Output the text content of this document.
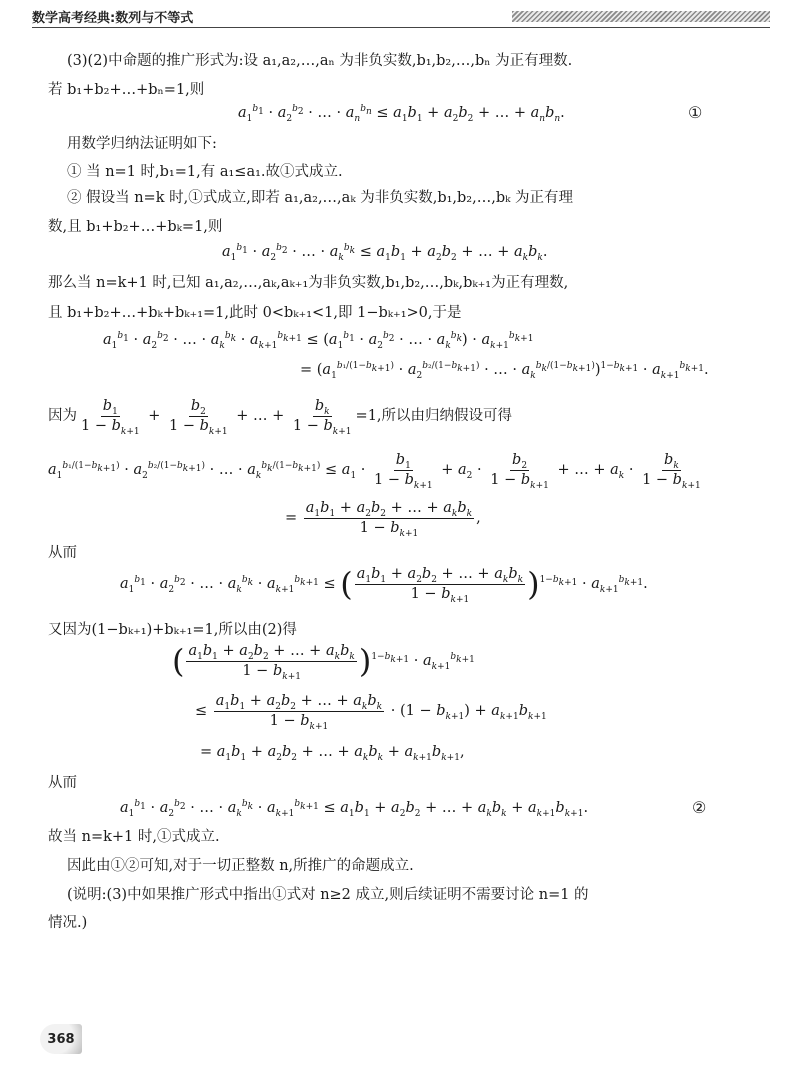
数学高考经典:数列与不等式
(3)(2)中命题的推广形式为:设 a₁,a₂,…,aₙ 为非负实数,b₁,b₂,…,bₙ 为正有理数.
若 b₁+b₂+…+bₙ=1,则
$a_1^{b_1} \cdot a_2^{b_2}$ · … · $a_n^{b_n} \le a_1b_1 + a_2b_2$ + … + $a_nb_n$.	①
用数学归纳法证明如下:
① 当 n=1 时,b₁=1,有 a₁≤a₁.故①式成立.
② 假设当 n=k 时,①式成立,即若 a₁,a₂,…,aₖ 为非负实数,b₁,b₂,…,bₖ 为正有理
数,且 b₁+b₂+…+bₖ=1,则
$a_1^{b_1} \cdot a_2^{b_2}$ · … · $a_k^{b_k} \le a_1b_1 + a_2b_2$ + … + $a_kb_k$.
那么当 n=k+1 时,已知 a₁,a₂,…,aₖ,aₖ₊₁为非负实数,b₁,b₂,…,bₖ,bₖ₊₁为正有理数,
且 b₁+b₂+…+bₖ+bₖ₊₁=1,此时 0<bₖ₊₁<1,即 1−bₖ₊₁>0,于是
$a_1^{b_1} \cdot a_2^{b_2}$ · … · $a_k^{b_k} \cdot a_{k+1}^{b_{k+1}} \le (a_1^{b_1} \cdot a_2^{b_2}$ · … · $a_k^{b_k}) \cdot a_{k+1}^{b_{k+1}}$
= ($a_1^{b_1/(1-b_{k+1})} \cdot a_2^{b_2/(1-b_{k+1})}$ · … · $a_k^{b_k/(1-b_{k+1})})^{1-b_{k+1}} \cdot a_{k+1}^{b_{k+1}}$.
因为 $\frac{b_1}{1 - b_{k+1}} + \frac{b_2}{1 - b_{k+1}}$ + … + $\frac{b_k}{1 - b_{k+1}} =1$,所以由归纳假设可得
$a_1^{b_1/(1-b_{k+1})} \cdot a_2^{b_2/(1-b_{k+1})}$ · … · $a_k^{b_k/(1-b_{k+1})} \le a_1 \cdot \frac{b_1}{1 - b_{k+1}} + a_2 \cdot \frac{b_2}{1 - b_{k+1}}$ + … + $a_k \cdot \frac{b_k}{1 - b_{k+1}}$
= $\frac{a_1b_1 + a_2b_2 + \dots + a_kb_k}{1 - b_{k+1}}$ ,
从而
$a_1^{b_1} \cdot a_2^{b_2}$ · … · $a_k^{b_k} \cdot a_{k+1}^{b_{k+1}}$ ≤ ( $\frac{a_1b_1 + a_2b_2 + \dots + a_kb_k}{1 - b_{k+1}} )^{1-b_{k+1}} \cdot a_{k+1}^{b_{k+1}}$.
又因为(1−bₖ₊₁)+bₖ₊₁=1,所以由(2)得
( $\frac{a_1b_1 + a_2b_2 + \dots + a_kb_k}{1 - b_{k+1}} )^{1-b_{k+1}} \cdot a_{k+1}^{b_{k+1}}$
≤ $\frac{a_1b_1 + a_2b_2 + \dots + a_kb_k}{1 - b_{k+1}} \cdot (1 - b_{k+1}) + a_{k+1}b_{k+1}$
= $a_1b_1 + a_2b_2$ + … + $a_kb_k + a_{k+1}b_{k+1}$,
从而
$a_1^{b_1} \cdot a_2^{b_2}$ · … · $a_k^{b_k} \cdot a_{k+1}^{b_{k+1}} \le a_1b_1 + a_2b_2$ + … + $a_kb_k + a_{k+1}b_{k+1}$.	②
故当 n=k+1 时,①式成立.
因此由①②可知,对于一切正整数 n,所推广的命题成立.
(说明:(3)中如果推广形式中指出①式对 n≥2 成立,则后续证明不需要讨论 n=1 的
情况.)
368
